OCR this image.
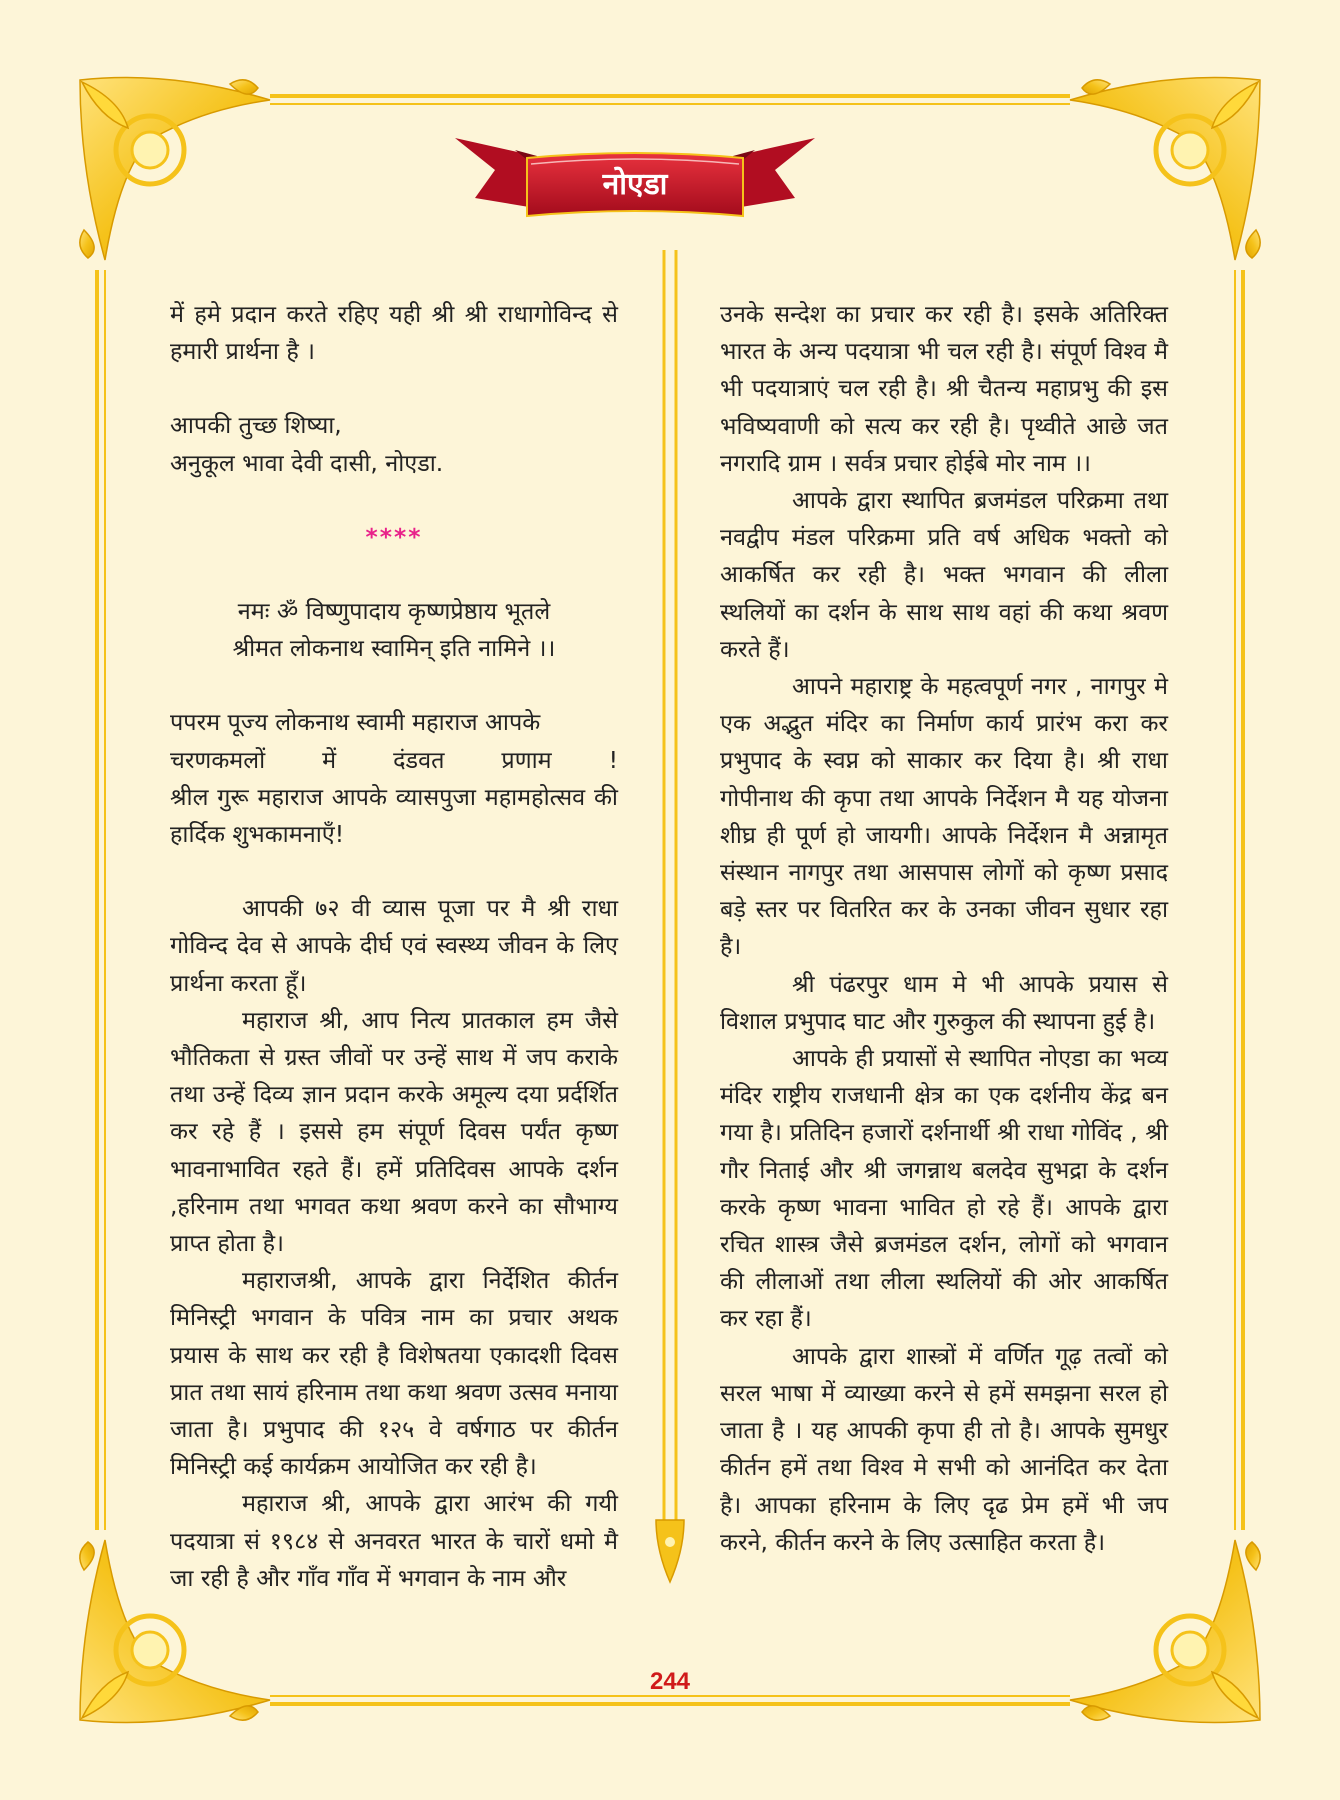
नोएडा

में हमे प्रदान करते रहिए यही श्री श्री राधागोविन्द से हमारी प्रार्थना है ।

आपकी तुच्छ शिष्या,

अनुकूल भावा देवी दासी, नोएडा.

****

नमः ॐ विष्णुपादाय कृष्णप्रेष्ठाय भूतले

श्रीमत लोकनाथ स्वामिन् इति नामिने ।।

पपरम पूज्य लोकनाथ स्वामी महाराज आपके

चरणकमलों में दंडवत प्रणाम !

श्रील गुरू महाराज आपके व्यासपुजा महामहोत्सव की हार्दिक शुभकामनाएँ!

आपकी ७२ वी व्यास पूजा पर मै श्री राधा गोविन्द देव से आपके दीर्घ एवं स्वस्थ्य जीवन के लिए प्रार्थना करता हूँ।

महाराज श्री, आप नित्य प्रातकाल हम जैसे भौतिकता से ग्रस्त जीवों पर उन्हें साथ में जप कराके तथा उन्हें दिव्य ज्ञान प्रदान करके अमूल्य दया प्रर्दर्शित कर रहे हैं । इससे हम संपूर्ण दिवस पर्यंत कृष्ण भावनाभावित रहते हैं। हमें प्रतिदिवस आपके दर्शन ,हरिनाम तथा भगवत कथा श्रवण करने का सौभाग्य प्राप्त होता है।

महाराजश्री, आपके द्वारा निर्देशित कीर्तन मिनिस्ट्री भगवान के पवित्र नाम का प्रचार अथक प्रयास के साथ कर रही है विशेषतया एकादशी दिवस प्रात तथा सायं हरिनाम तथा कथा श्रवण उत्सव मनाया जाता है। प्रभुपाद की १२५ वे वर्षगाठ पर कीर्तन मिनिस्ट्री कई कार्यक्रम आयोजित कर रही है।

महाराज श्री, आपके द्वारा आरंभ की गयी पदयात्रा सं १९८४ से अनवरत भारत के चारों धमो मै जा रही है और गाँव गाँव में भगवान के नाम और

उनके सन्देश का प्रचार कर रही है। इसके अतिरिक्त भारत के अन्य पदयात्रा भी चल रही है। संपूर्ण विश्व मै भी पदयात्राएं चल रही है। श्री चैतन्य महाप्रभु की इस भविष्यवाणी को सत्य कर रही है। पृथ्वीते आछे जत नगरादि ग्राम । सर्वत्र प्रचार होईबे मोर नाम ।।

आपके द्वारा स्थापित ब्रजमंडल परिक्रमा तथा नवद्वीप मंडल परिक्रमा प्रति वर्ष अधिक भक्तो को आकर्षित कर रही है। भक्त भगवान की लीला स्थलियों का दर्शन के साथ साथ वहां की कथा श्रवण करते हैं।

आपने महाराष्ट्र के महत्वपूर्ण नगर , नागपुर मे एक अद्भुत मंदिर का निर्माण कार्य प्रारंभ करा कर प्रभुपाद के स्वप्न को साकार कर दिया है। श्री राधा गोपीनाथ की कृपा तथा आपके निर्देशन मै यह योजना शीघ्र ही पूर्ण हो जायगी। आपके निर्देशन मै अन्नामृत संस्थान नागपुर तथा आसपास लोगों को कृष्ण प्रसाद बड़े स्तर पर वितरित कर के उनका जीवन सुधार रहा है।

श्री पंढरपुर धाम मे भी आपके प्रयास से विशाल प्रभुपाद घाट और गुरुकुल की स्थापना हुई है।

आपके ही प्रयासों से स्थापित नोएडा का भव्य मंदिर राष्ट्रीय राजधानी क्षेत्र का एक दर्शनीय केंद्र बन गया है। प्रतिदिन हजारों दर्शनार्थी श्री राधा गोविंद , श्री गौर निताई और श्री जगन्नाथ बलदेव सुभद्रा के दर्शन करके कृष्ण भावना भावित हो रहे हैं। आपके द्वारा रचित शास्त्र जैसे ब्रजमंडल दर्शन, लोगों को भगवान की लीलाओं तथा लीला स्थलियों की ओर आकर्षित कर रहा हैं।

आपके द्वारा शास्त्रों में वर्णित गूढ़ तत्वों को सरल भाषा में व्याख्या करने से हमें समझना सरल हो जाता है । यह आपकी कृपा ही तो है। आपके सुमधुर कीर्तन हमें तथा विश्व मे सभी को आनंदित कर देता है। आपका हरिनाम के लिए दृढ प्रेम हमें भी जप करने, कीर्तन करने के लिए उत्साहित करता है।

244
